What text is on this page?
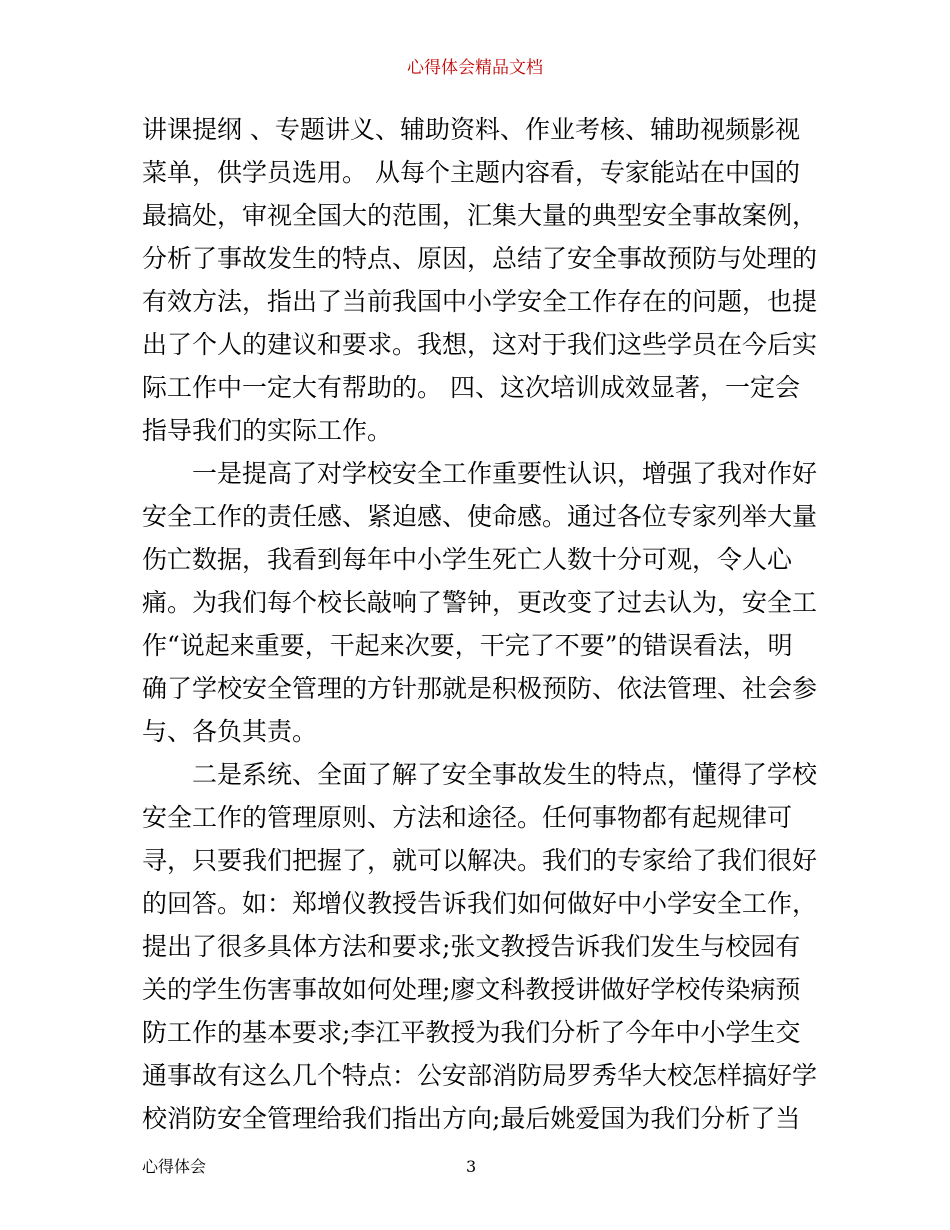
心得体会精品文档
讲课提纲 、专题讲义、辅助资料、作业考核、辅助视频影视
菜单，供学员选用。 从每个主题内容看，专家能站在中国的
最搞处，审视全国大的范围，汇集大量的典型安全事故案例，
分析了事故发生的特点、原因，总结了安全事故预防与处理的
有效方法，指出了当前我国中小学安全工作存在的问题，也提
出了个人的建议和要求。我想，这对于我们这些学员在今后实
际工作中一定大有帮助的。 四、这次培训成效显著，一定会
指导我们的实际工作。
　　一是提高了对学校安全工作重要性认识，增强了我对作好
安全工作的责任感、紧迫感、使命感。通过各位专家列举大量
伤亡数据，我看到每年中小学生死亡人数十分可观，令人心
痛。为我们每个校长敲响了警钟，更改变了过去认为，安全工
作“说起来重要，干起来次要，干完了不要”的错误看法，明
确了学校安全管理的方针那就是积极预防、依法管理、社会参
与、各负其责。
　　二是系统、全面了解了安全事故发生的特点，懂得了学校
安全工作的管理原则、方法和途径。任何事物都有起规律可
寻，只要我们把握了，就可以解决。我们的专家给了我们很好
的回答。如：郑增仪教授告诉我们如何做好中小学安全工作，
提出了很多具体方法和要求;张文教授告诉我们发生与校园有
关的学生伤害事故如何处理;廖文科教授讲做好学校传染病预
防工作的基本要求;李江平教授为我们分析了今年中小学生交
通事故有这么几个特点：公安部消防局罗秀华大校怎样搞好学
校消防安全管理给我们指出方向;最后姚爱国为我们分析了当
心得体会	3
